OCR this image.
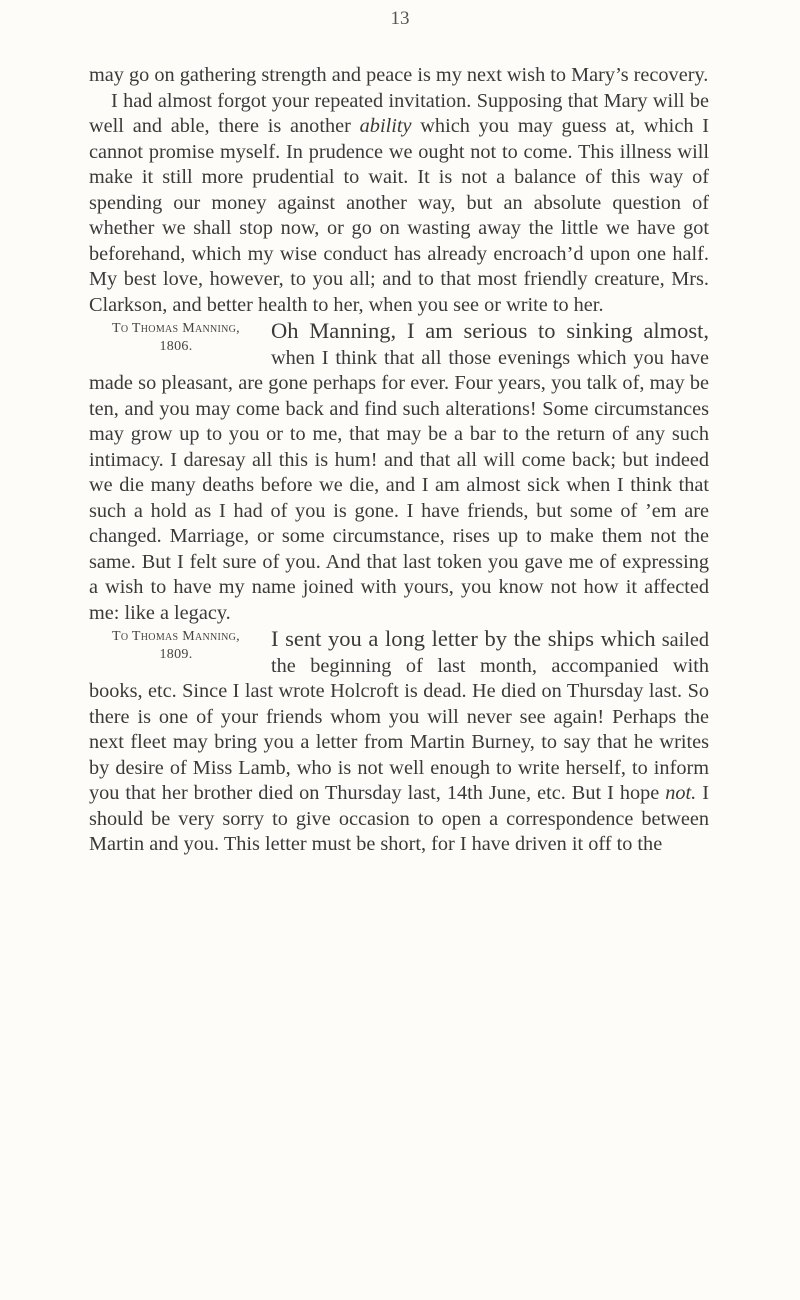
13

may go on gathering strength and peace is my next wish to Mary’s recovery.

I had almost forgot your repeated invitation. Supposing that Mary will be well and able, there is another ability which you may guess at, which I cannot promise myself. In prudence we ought not to come. This illness will make it still more prudential to wait. It is not a balance of this way of spending our money against another way, but an absolute question of whether we shall stop now, or go on wasting away the little we have got beforehand, which my wise conduct has already encroach’d upon one half. My best love, however, to you all; and to that most friendly creature, Mrs. Clarkson, and better health to her, when you see or write to her.

To Thomas Manning,
1806.
Oh Manning, I am serious to sinking almost, when I think that all those evenings which you have made so pleasant, are gone perhaps for ever. Four years, you talk of, may be ten, and you may come back and find such alterations! Some circumstances may grow up to you or to me, that may be a bar to the return of any such intimacy. I daresay all this is hum! and that all will come back; but indeed we die many deaths before we die, and I am almost sick when I think that such a hold as I had of you is gone. I have friends, but some of ’em are changed. Marriage, or some circumstance, rises up to make them not the same. But I felt sure of you. And that last token you gave me of expressing a wish to have my name joined with yours, you know not how it affected me: like a legacy.

To Thomas Manning,
1809.
I sent you a long letter by the ships which sailed the beginning of last month, accompanied with books, etc. Since I last wrote Holcroft is dead. He died on Thursday last. So there is one of your friends whom you will never see again! Perhaps the next fleet may bring you a letter from Martin Burney, to say that he writes by desire of Miss Lamb, who is not well enough to write herself, to inform you that her brother died on Thursday last, 14th June, etc. But I hope not. I should be very sorry to give occasion to open a correspondence between Martin and you. This letter must be short, for I have driven it off to the
